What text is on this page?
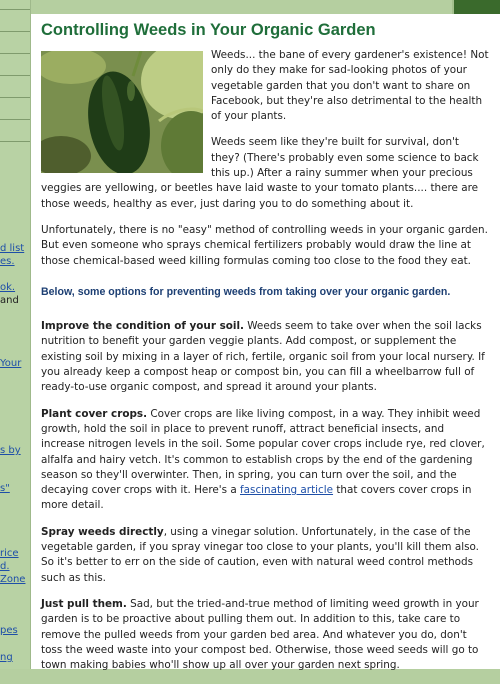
d list
es.
ok.
and
Your
s by
s"
rice
d.
Zone
pes
ng
Controlling Weeds in Your Organic Garden

Weeds... the bane of every gardener's existence! Not only do they make for sad-looking photos of your vegetable garden that you don't want to share on Facebook, but they're also detrimental to the health of your plants.

Weeds seem like they're built for survival, don't they? (There's probably even some science to back this up.) After a rainy summer when your precious veggies are yellowing, or beetles have laid waste to your tomato plants.... there are those weeds, healthy as ever, just daring you to do something about it.

Unfortunately, there is no "easy" method of controlling weeds in your organic garden. But even someone who sprays chemical fertilizers probably would draw the line at those chemical-based weed killing formulas coming too close to the food they eat.

Below, some options for preventing weeds from taking over your organic garden.

Improve the condition of your soil. Weeds seem to take over when the soil lacks nutrition to benefit your garden veggie plants. Add compost, or supplement the existing soil by mixing in a layer of rich, fertile, organic soil from your local nursery. If you already keep a compost heap or compost bin, you can fill a wheelbarrow full of ready-to-use organic compost, and spread it around your plants.

Plant cover crops. Cover crops are like living compost, in a way. They inhibit weed growth, hold the soil in place to prevent runoff, attract beneficial insects, and increase nitrogen levels in the soil. Some popular cover crops include rye, red clover, alfalfa and hairy vetch. It's common to establish crops by the end of the gardening season so they'll overwinter. Then, in spring, you can turn over the soil, and the decaying cover crops with it. Here's a fascinating article that covers cover crops in more detail.

Spray weeds directly, using a vinegar solution. Unfortunately, in the case of the vegetable garden, if you spray vinegar too close to your plants, you'll kill them also. So it's better to err on the side of caution, even with natural weed control methods such as this.

Just pull them. Sad, but the tried-and-true method of limiting weed growth in your garden is to be proactive about pulling them out. In addition to this, take care to remove the pulled weeds from your garden bed area. And whatever you do, don't toss the weed waste into your compost bed. Otherwise, those weed seeds will go to town making babies who'll show up all over your garden next spring.
